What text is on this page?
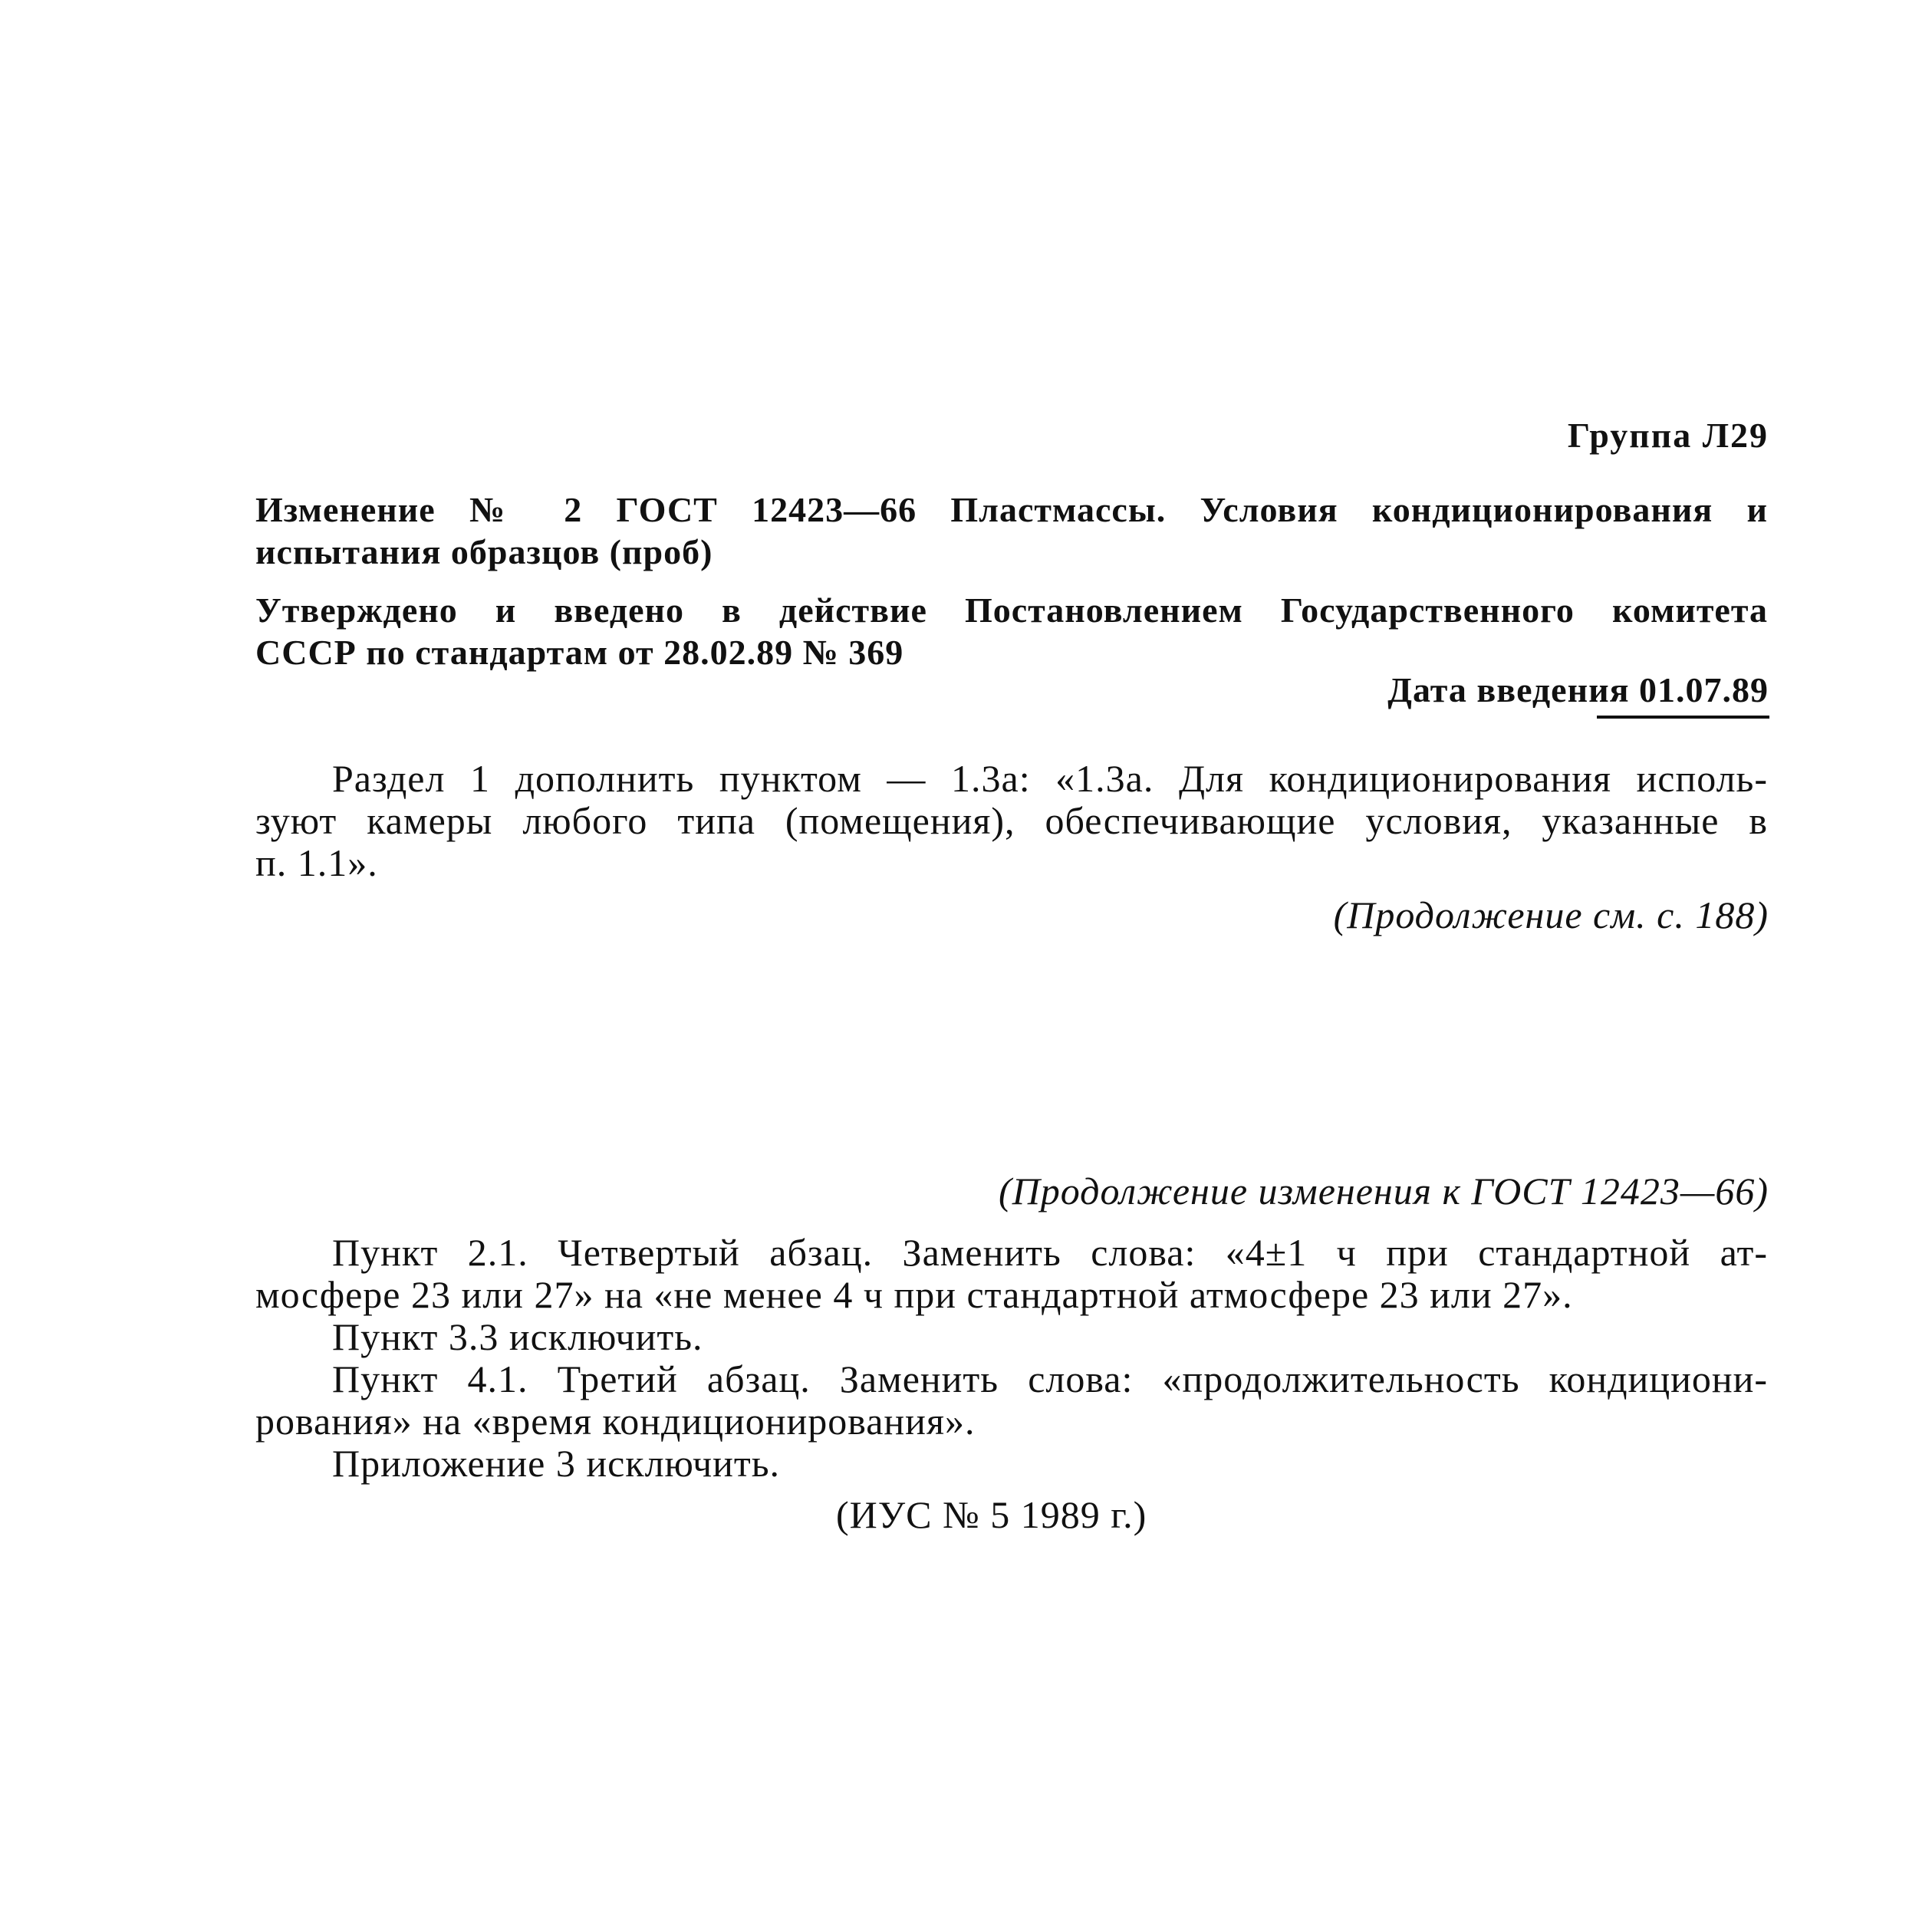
Группа Л29
Изменение № 2 ГОСТ 12423—66 Пластмассы. Условия кондиционирования и
испытания образцов (проб)
Утверждено и введено в действие Постановлением Государственного комитета
СССР по стандартам от 28.02.89 № 369
Дата введения 01.07.89
Раздел 1 дополнить пунктом — 1.3а: «1.3а. Для кондиционирования исполь-
зуют камеры любого типа (помещения), обеспечивающие условия, указанные в
п. 1.1».
(Продолжение см. с. 188)
(Продолжение изменения к ГОСТ 12423—66)
Пункт 2.1. Четвертый абзац. Заменить слова: «4±1 ч при стандартной ат-
мосфере 23 или 27» на «не менее 4 ч при стандартной атмосфере 23 или 27».
Пункт 3.3 исключить.
Пункт 4.1. Третий абзац. Заменить слова: «продолжительность кондициони-
рования» на «время кондиционирования».
Приложение 3 исключить.
(ИУС № 5 1989 г.)
